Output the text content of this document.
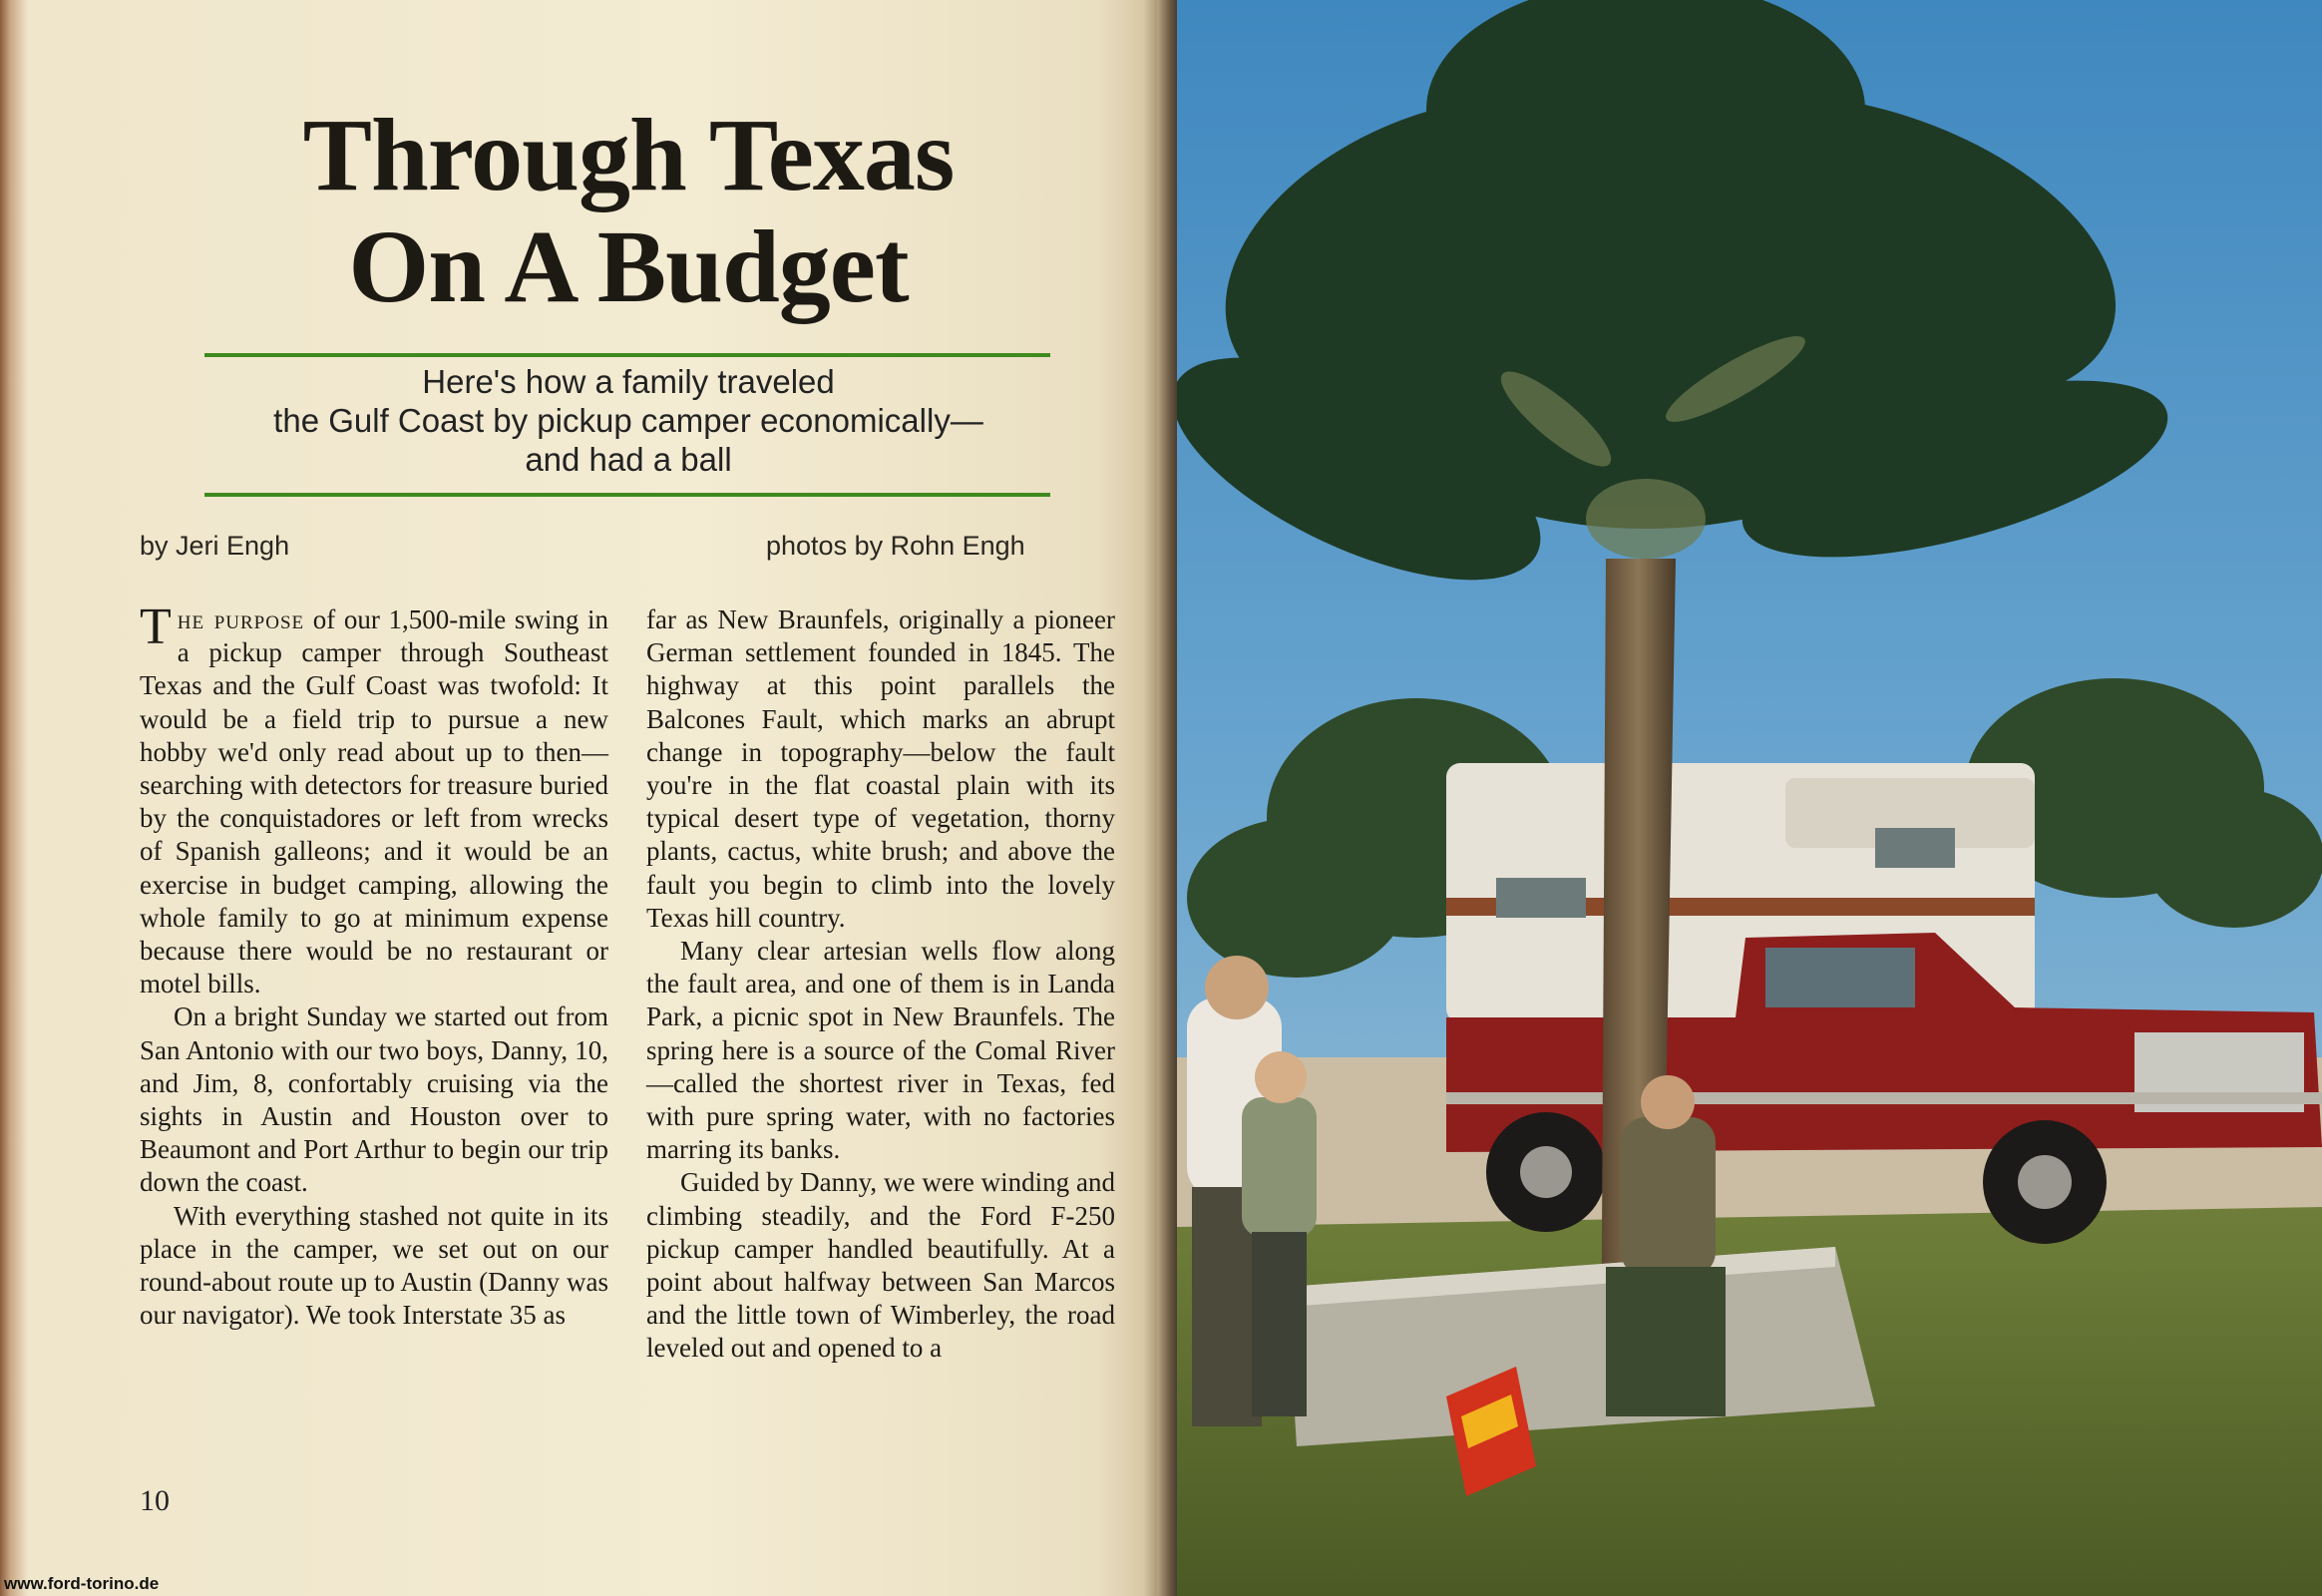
Through Texas
On A Budget
Here's how a family traveled
the Gulf Coast by pickup camper economically—
and had a ball
by Jeri Engh	photos by Rohn Engh

The purpose of our 1,500-mile swing in a pickup camper through Southeast Texas and the Gulf Coast was twofold: It would be a field trip to pursue a new hobby we'd only read about up to then—searching with detectors for treasure buried by the conquistadores or left from wrecks of Spanish galleons; and it would be an exercise in budget camping, allowing the whole family to go at minimum expense because there would be no restaurant or motel bills.

On a bright Sunday we started out from San Antonio with our two boys, Danny, 10, and Jim, 8, confortably cruising via the sights in Austin and Houston over to Beaumont and Port Arthur to begin our trip down the coast.

With everything stashed not quite in its place in the camper, we set out on our round-about route up to Austin (Danny was our navigator). We took Interstate 35 as

far as New Braunfels, originally a pioneer German settlement founded in 1845. The highway at this point parallels the Balcones Fault, which marks an abrupt change in topography—below the fault you're in the flat coastal plain with its typical desert type of vegetation, thorny plants, cactus, white brush; and above the fault you begin to climb into the lovely Texas hill country.

Many clear artesian wells flow along the fault area, and one of them is in Landa Park, a picnic spot in New Braunfels. The spring here is a source of the Comal River —called the shortest river in Texas, fed with pure spring water, with no factories marring its banks.

Guided by Danny, we were winding and climbing steadily, and the Ford F-250 pickup camper handled beautifully. At a point about halfway between San Marcos and the little town of Wimberley, the road leveled out and opened to a

10
www.ford-torino.de
